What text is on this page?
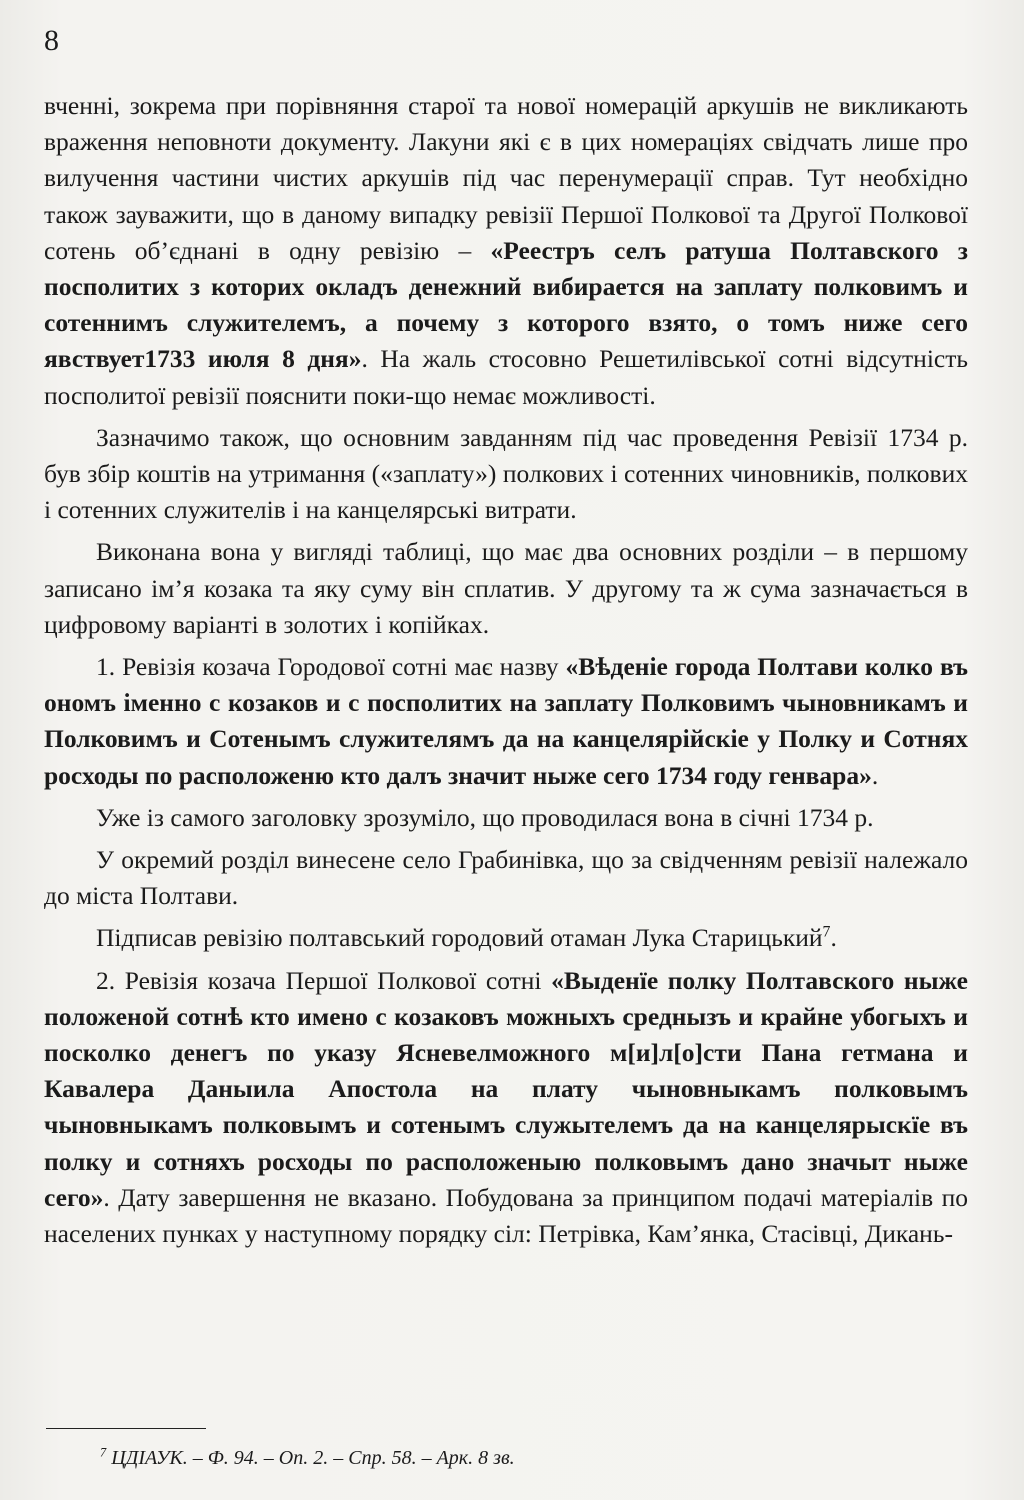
8

вченні, зокрема при порівняння старої та нової номерацій аркушів не викликають враження неповноти документу. Лакуни які є в цих номераціях свідчать лише про вилучення частини чистих аркушів під час перенумерації справ. Тут необхідно також зауважити, що в даному випадку ревізії Першої Полкової та Другої Полкової сотень об’єднані в одну ревізію – «Реестръ селъ ратуша Полтавского з посполитих з которих окладъ денежний вибирается на заплату полковимъ и сотеннимъ служителемъ, а почему з которого взято, о томъ ниже сего явствует1733 июля 8 дня». На жаль стосовно Решетилівської сотні відсутність посполитої ревізії пояснити поки-що немає можливості.

Зазначимо також, що основним завданням під час проведення Ревізії 1734 р. був збір коштів на утримання («заплату») полкових і сотенних чиновників, полкових і сотенних служителів і на канцелярські витрати.

Виконана вона у вигляді таблиці, що має два основних розділи – в першому записано ім’я козака та яку суму він сплатив. У другому та ж сума зазначається в цифровому варіанті в золотих і копійках.

1. Ревізія козача Городової сотні має назву «Вѣденіе города Полтави колко въ ономъ іменно с козаков и с посполитих на заплату Полковимъ чыновникамъ и Полковимъ и Сотенымъ служителямъ да на канцелярійскіе у Полку и Сотнях росходы по расположеню кто далъ значит ныже сего 1734 году генвара».

Уже із самого заголовку зрозуміло, що проводилася вона в січні 1734 р.

У окремий розділ винесене село Грабинівка, що за свідченням ревізії належало до міста Полтави.

Підписав ревізію полтавський городовий отаман Лука Старицький$^7$.

2. Ревізія козача Першої Полкової сотні «Выденїе полку Полтавского ныже положеной сотнѣ кто имено с козаковъ можныхъ среднызъ и крайне убогыхъ и посколко денегъ по указу Ясневелможного м[и]л[о]сти Пана гетмана и Кавалера Даныила Апостола на плату чыновныкамъ полковымъ чыновныкамъ полковымъ и сотенымъ служытелемъ да на канцелярыскїе въ полку и сотняхъ росходы по расположеныю полковымъ дано значыт ныже сего». Дату завершення не вказано. Побудована за принципом подачі матеріалів по населених пунках у наступному порядку сіл: Петрівка, Кам’янка, Стасівці, Дикань-

$^7$ ЦДІАУК. – Ф. 94. – Оп. 2. – Спр. 58. – Арк. 8 зв.
